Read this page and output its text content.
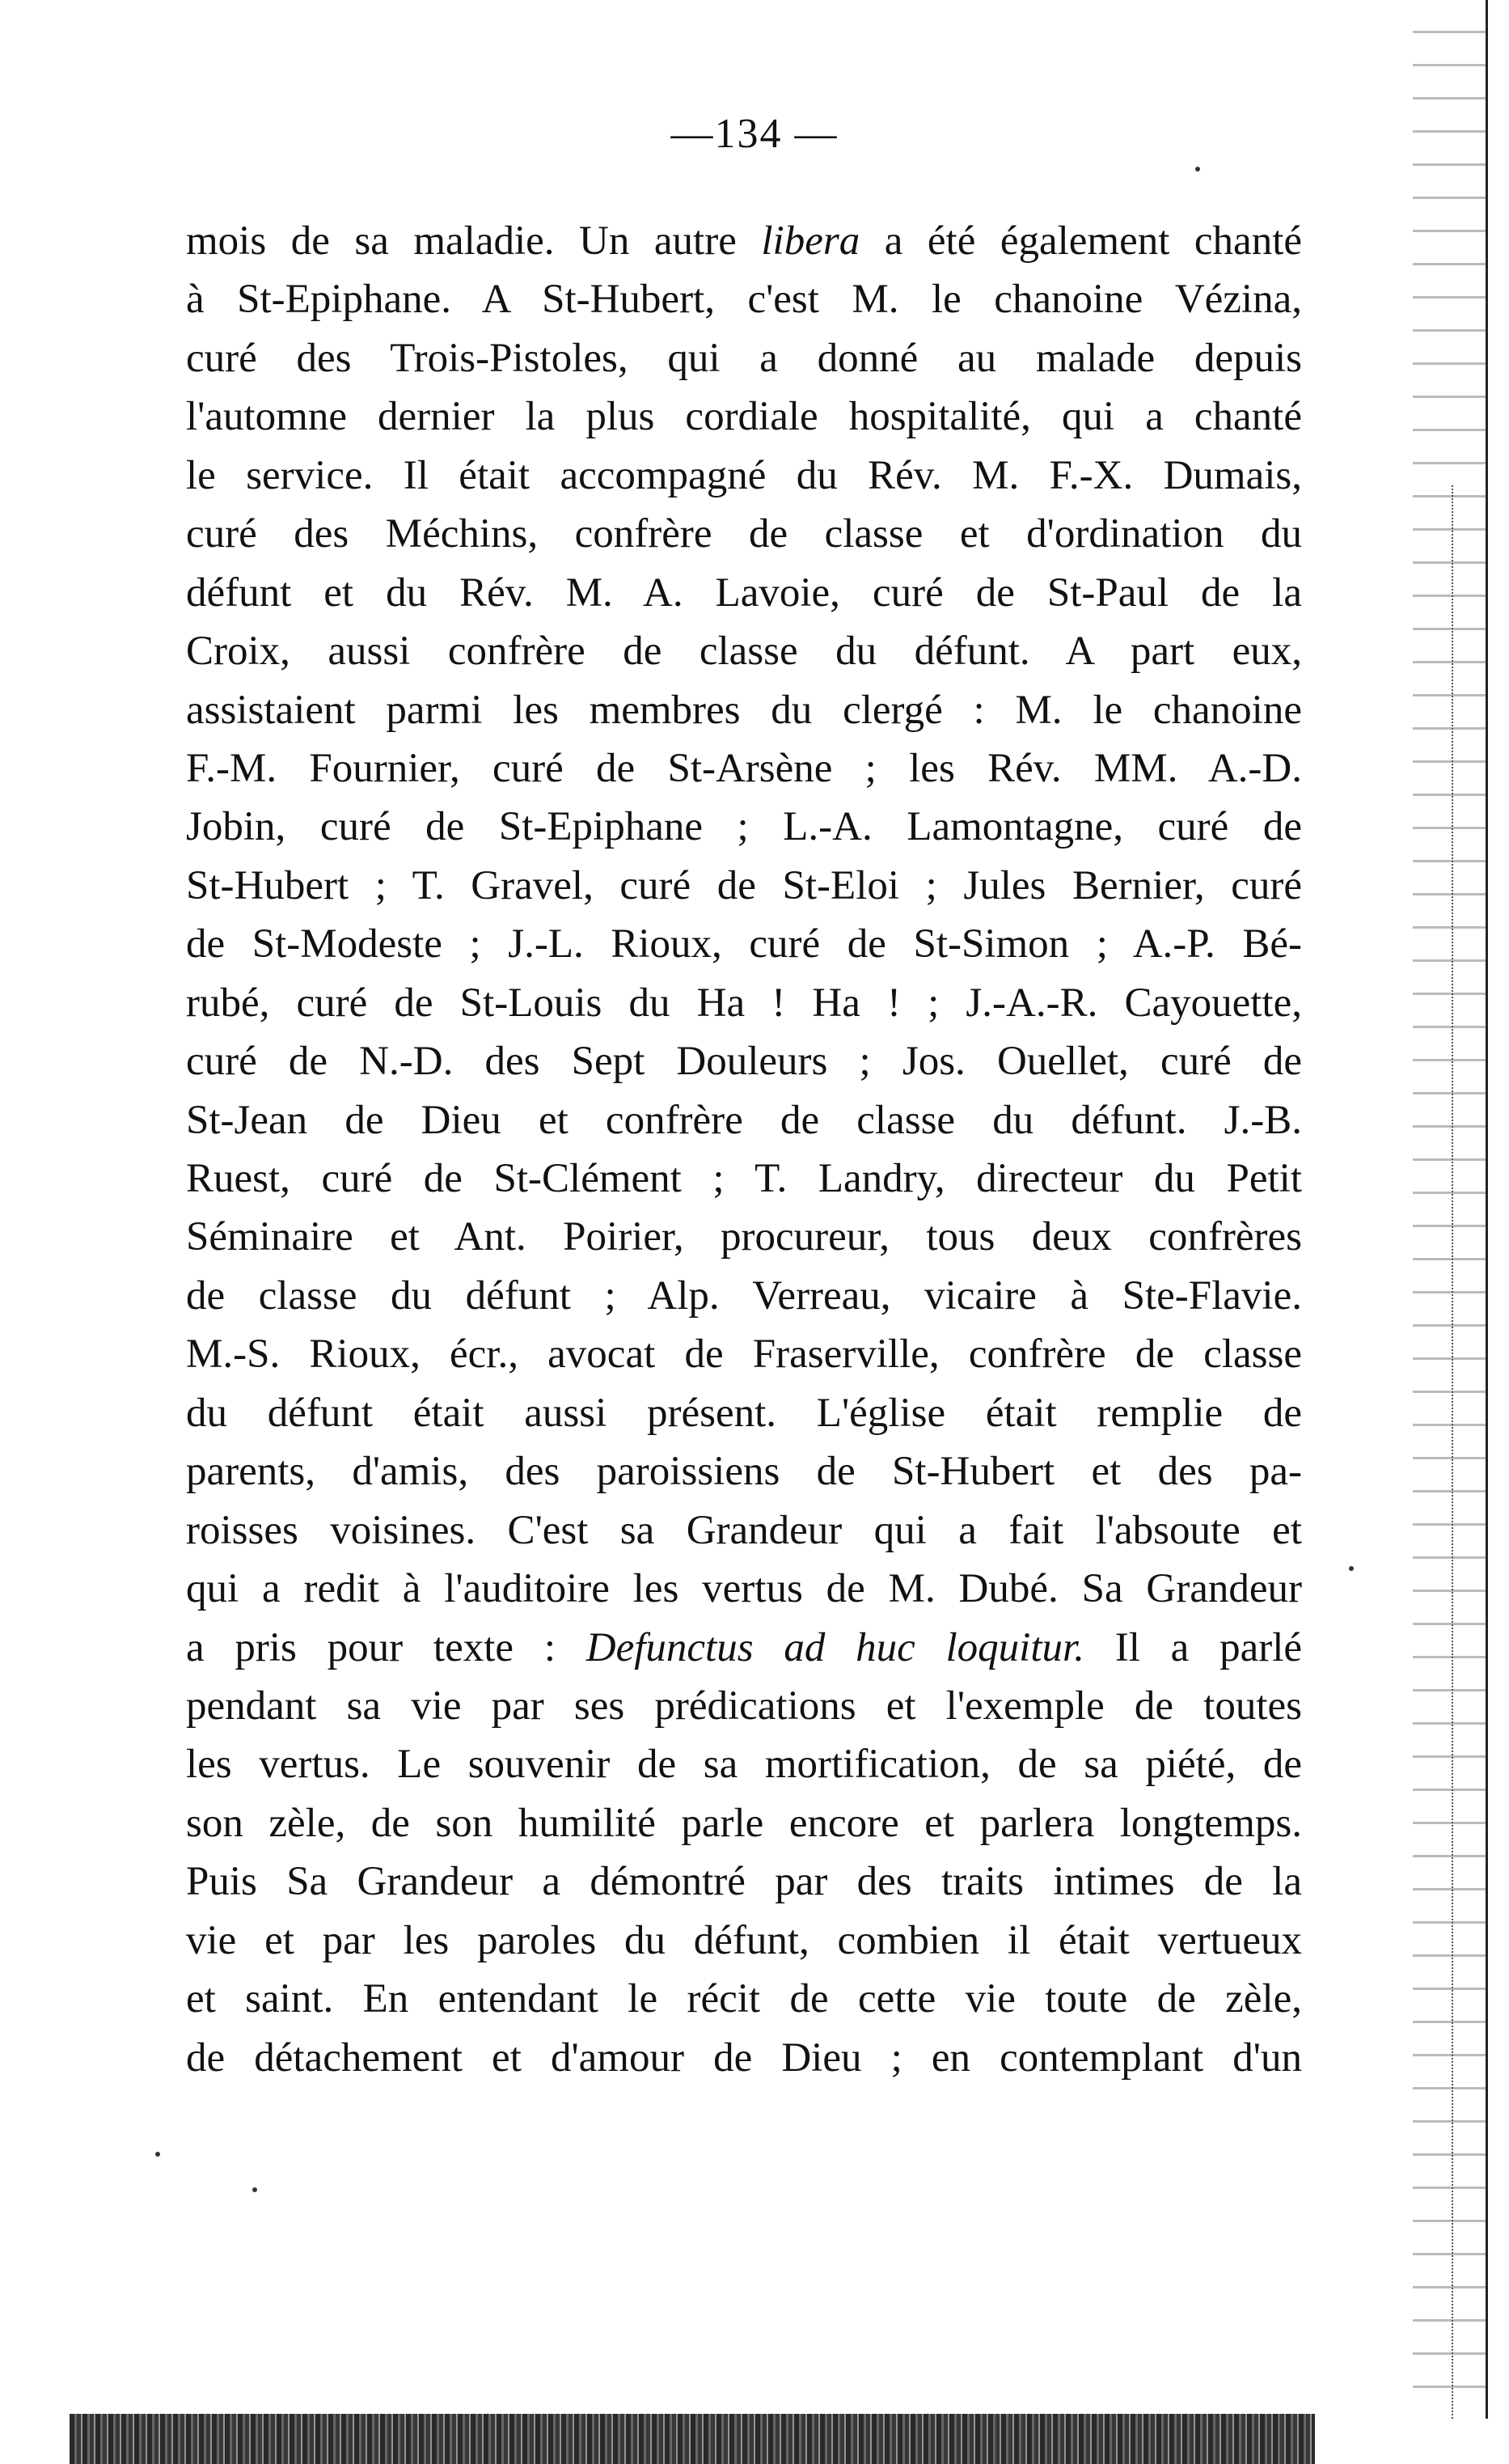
—134 —
mois de sa maladie. Un autre libera a été également chanté
à St-Epiphane. A St-Hubert, c'est M. le chanoine Vézina,
curé des Trois-Pistoles, qui a donné au malade depuis
l'automne dernier la plus cordiale hospitalité, qui a chanté
le service. Il était accompagné du Rév. M. F.-X. Dumais,
curé des Méchins, confrère de classe et d'ordination du
défunt et du Rév. M. A. Lavoie, curé de St-Paul de la
Croix, aussi confrère de classe du défunt. A part eux,
assistaient parmi les membres du clergé : M. le chanoine
F.-M. Fournier, curé de St-Arsène ; les Rév. MM. A.-D.
Jobin, curé de St-Epiphane ; L.-A. Lamontagne, curé de
St-Hubert ; T. Gravel, curé de St-Eloi ; Jules Bernier, curé
de St-Modeste ; J.-L. Rioux, curé de St-Simon ; A.-P. Bé-
rubé, curé de St-Louis du Ha ! Ha ! ; J.-A.-R. Cayouette,
curé de N.-D. des Sept Douleurs ; Jos. Ouellet, curé de
St-Jean de Dieu et confrère de classe du défunt. J.-B.
Ruest, curé de St-Clément ; T. Landry, directeur du Petit
Séminaire et Ant. Poirier, procureur, tous deux confrères
de classe du défunt ; Alp. Verreau, vicaire à Ste-Flavie.
M.-S. Rioux, écr., avocat de Fraserville, confrère de classe
du défunt était aussi présent. L'église était remplie de
parents, d'amis, des paroissiens de St-Hubert et des pa-
roisses voisines. C'est sa Grandeur qui a fait l'absoute et
qui a redit à l'auditoire les vertus de M. Dubé. Sa Grandeur
a pris pour texte : Defunctus ad huc loquitur. Il a parlé
pendant sa vie par ses prédications et l'exemple de toutes
les vertus. Le souvenir de sa mortification, de sa piété, de
son zèle, de son humilité parle encore et parlera longtemps.
Puis Sa Grandeur a démontré par des traits intimes de la
vie et par les paroles du défunt, combien il était vertueux
et saint. En entendant le récit de cette vie toute de zèle,
de détachement et d'amour de Dieu ; en contemplant d'un
